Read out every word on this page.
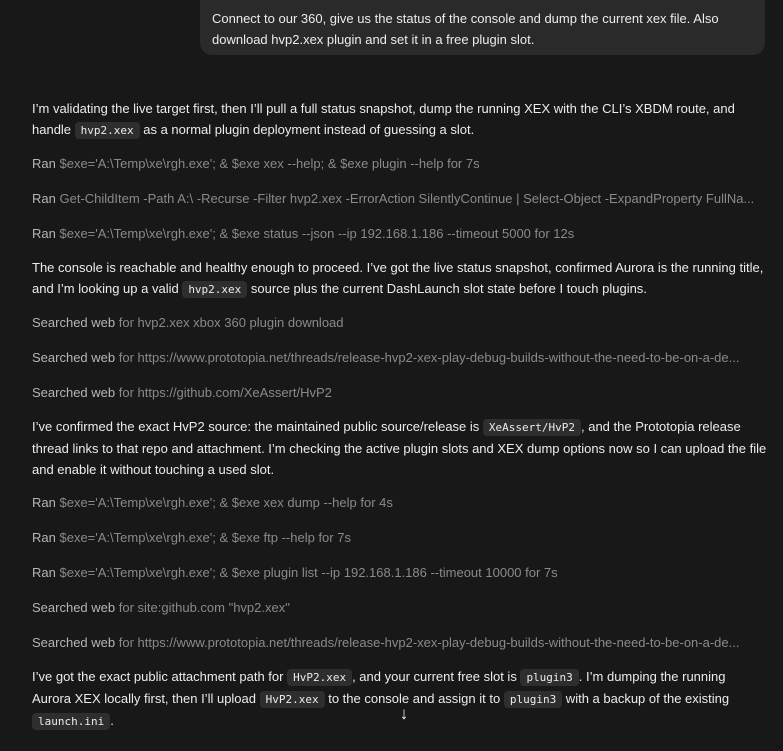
Connect to our 360, give us the status of the console and dump the current xex file. Also download hvp2.xex plugin and set it in a free plugin slot.

I’m validating the live target first, then I’ll pull a full status snapshot, dump the running XEX with the CLI’s XBDM route, and handle hvp2.xex as a normal plugin deployment instead of guessing a slot.

Ran $exe='A:\Temp\xe\rgh.exe'; & $exe xex --help; & $exe plugin --help for 7s
Ran Get-ChildItem -Path A:\ -Recurse -Filter hvp2.xex -ErrorAction SilentlyContinue | Select-Object -ExpandProperty FullNa...
Ran $exe='A:\Temp\xe\rgh.exe'; & $exe status --json --ip 192.168.1.186 --timeout 5000 for 12s

The console is reachable and healthy enough to proceed. I’ve got the live status snapshot, confirmed Aurora is the running title, and I’m looking up a valid hvp2.xex source plus the current DashLaunch slot state before I touch plugins.

Searched web for hvp2.xex xbox 360 plugin download
Searched web for https://www.prototopia.net/threads/release-hvp2-xex-play-debug-builds-without-the-need-to-be-on-a-de...
Searched web for https://github.com/XeAssert/HvP2

I’ve confirmed the exact HvP2 source: the maintained public source/release is XeAssert/HvP2 , and the Prototopia release thread links to that repo and attachment. I’m checking the active plugin slots and XEX dump options now so I can upload the file and enable it without touching a used slot.

Ran $exe='A:\Temp\xe\rgh.exe'; & $exe xex dump --help for 4s
Ran $exe='A:\Temp\xe\rgh.exe'; & $exe ftp --help for 7s
Ran $exe='A:\Temp\xe\rgh.exe'; & $exe plugin list --ip 192.168.1.186 --timeout 10000 for 7s
Searched web for site:github.com "hvp2.xex"
Searched web for https://www.prototopia.net/threads/release-hvp2-xex-play-debug-builds-without-the-need-to-be-on-a-de...

I’ve got the exact public attachment path for HvP2.xex , and your current free slot is plugin3 . I’m dumping the running Aurora XEX locally first, then I’ll upload HvP2.xex to the console and assign it to plugin3 with a backup of the existing launch.ini .	↓
